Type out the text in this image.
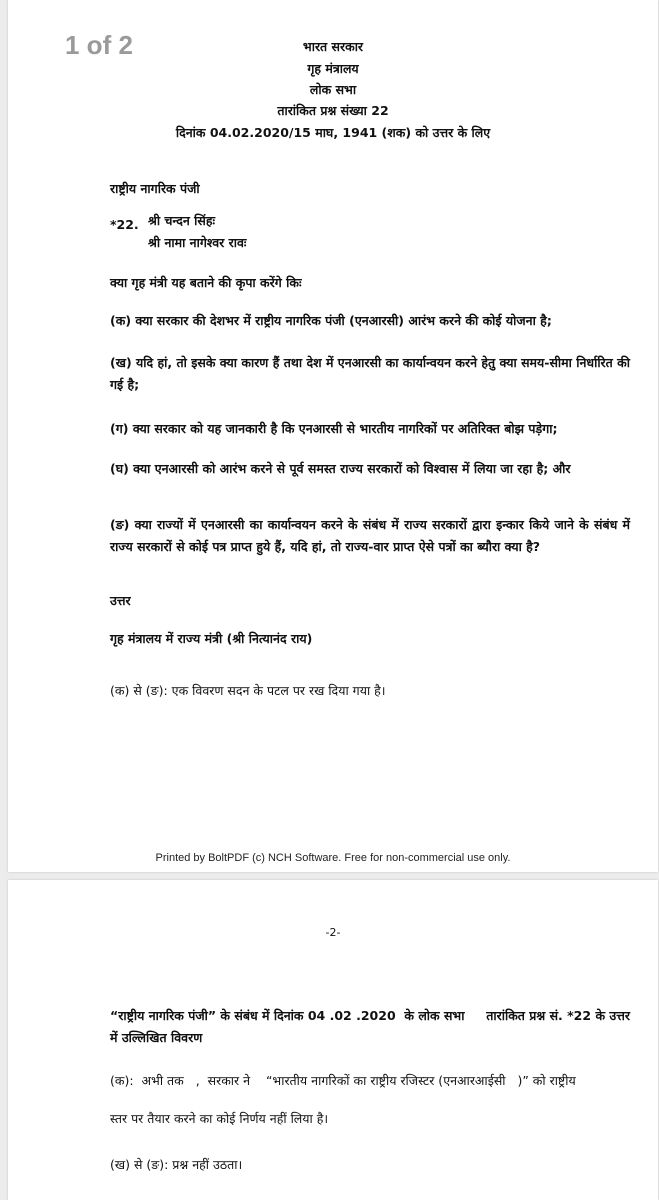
1 of 2	भारत सरकार
गृह मंत्रालय
लोक सभा
तारांकित प्रश्न संख्या 22
दिनांक 04.02.2020/15 माघ, 1941 (शक) को उत्तर के लिए
राष्ट्रीय नागरिक पंजी
*22. श्री चन्दन सिंहः
श्री नामा नागेश्वर रावः
क्या गृह मंत्री यह बताने की कृपा करेंगे किः
(क) क्या सरकार की देशभर में राष्ट्रीय नागरिक पंजी (एनआरसी) आरंभ करने की कोई योजना है;
(ख) यदि हां, तो इसके क्या कारण हैं तथा देश में एनआरसी का कार्यान्वयन करने हेतु क्या समय-सीमा निर्धारित की गई है;
(ग) क्या सरकार को यह जानकारी है कि एनआरसी से भारतीय नागरिकों पर अतिरिक्त बोझ पड़ेगा;
(घ) क्या एनआरसी को आरंभ करने से पूर्व समस्त राज्य सरकारों को विश्वास में लिया जा रहा है; और
(ङ) क्या राज्यों में एनआरसी का कार्यान्वयन करने के संबंध में राज्य सरकारों द्वारा इन्कार किये जाने के संबंध में राज्य सरकारों से कोई पत्र प्राप्त हुये हैं, यदि हां, तो राज्य-वार प्राप्त ऐसे पत्रों का ब्यौरा क्या है?
उत्तर
गृह मंत्रालय में राज्य मंत्री (श्री नित्यानंद राय)
(क) से (ङ): एक विवरण सदन के पटल पर रख दिया गया है।
Printed by BoltPDF (c) NCH Software. Free for non-commercial use only.
-2-
“राष्ट्रीय नागरिक पंजी” के संबंध में दिनांक 04 .02 .2020  के लोक सभा     तारांकित प्रश्न सं. *22 के उत्तर में उल्लिखित विवरण
(क):  अभी तक   ,  सरकार ने    “भारतीय नागरिकों का राष्ट्रीय रजिस्टर (एनआरआईसी   )” को राष्ट्रीय
स्तर पर तैयार करने का कोई निर्णय नहीं लिया है।
(ख) से (ङ): प्रश्न नहीं उठता।
